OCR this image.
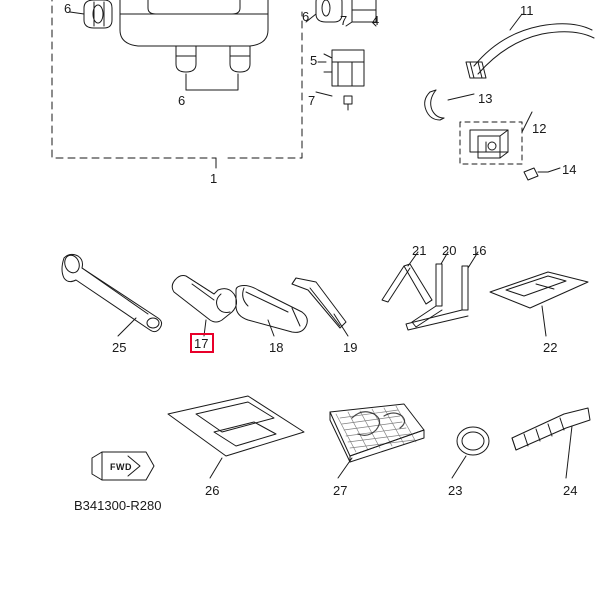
6
6 7 4
11
5
6	7	13
12
14
1
21 20 16
25	17	18	19	22
26	27	23	24
FWD
B341300-R280
